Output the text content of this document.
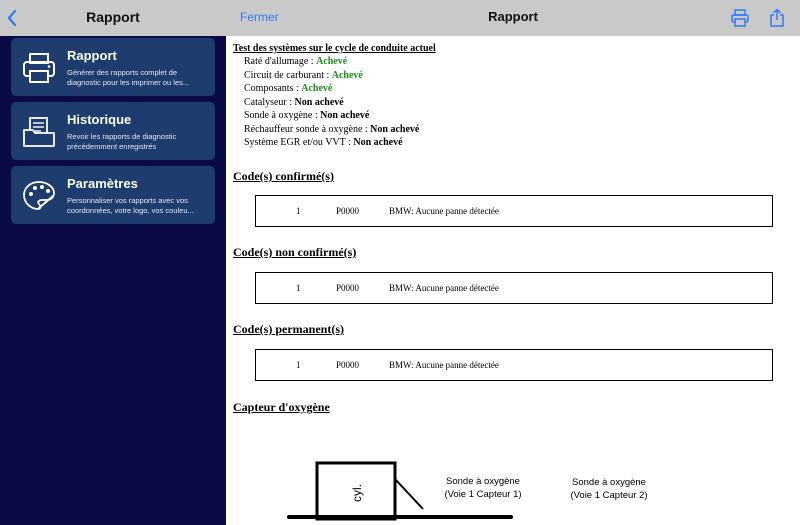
Rapport
Rapport
Générer des rapports complet de diagnostic pour les imprimer ou les...
Historique
Revoir les rapports de diagnostic précédemment enregistrés
Paramètres
Personnaliser vos rapports avec vos coordonnées, votre logo, vos couleu...
Fermer	Rapport
Test des systèmes sur le cycle de conduite actuel
Raté d'allumage : Achevé
Circuit de carburant : Achevé
Composants : Achevé
Catalyseur : Non achevé
Sonde à oxygène : Non achevé
Réchauffeur sonde à oxygène : Non achevé
Système EGR et/ou VVT : Non achevé
Code(s) confirmé(s)
1	P0000	BMW: Aucune panne détectée
Code(s) non confirmé(s)
1	P0000	BMW: Aucune panne détectée
Code(s) permanent(s)
1	P0000	BMW: Aucune panne détectée
Capteur d'oxygène
cyl.
Sonde à oxygène
(Voie 1 Capteur 1)
Sonde à oxygène
(Voie 1 Capteur 2)
